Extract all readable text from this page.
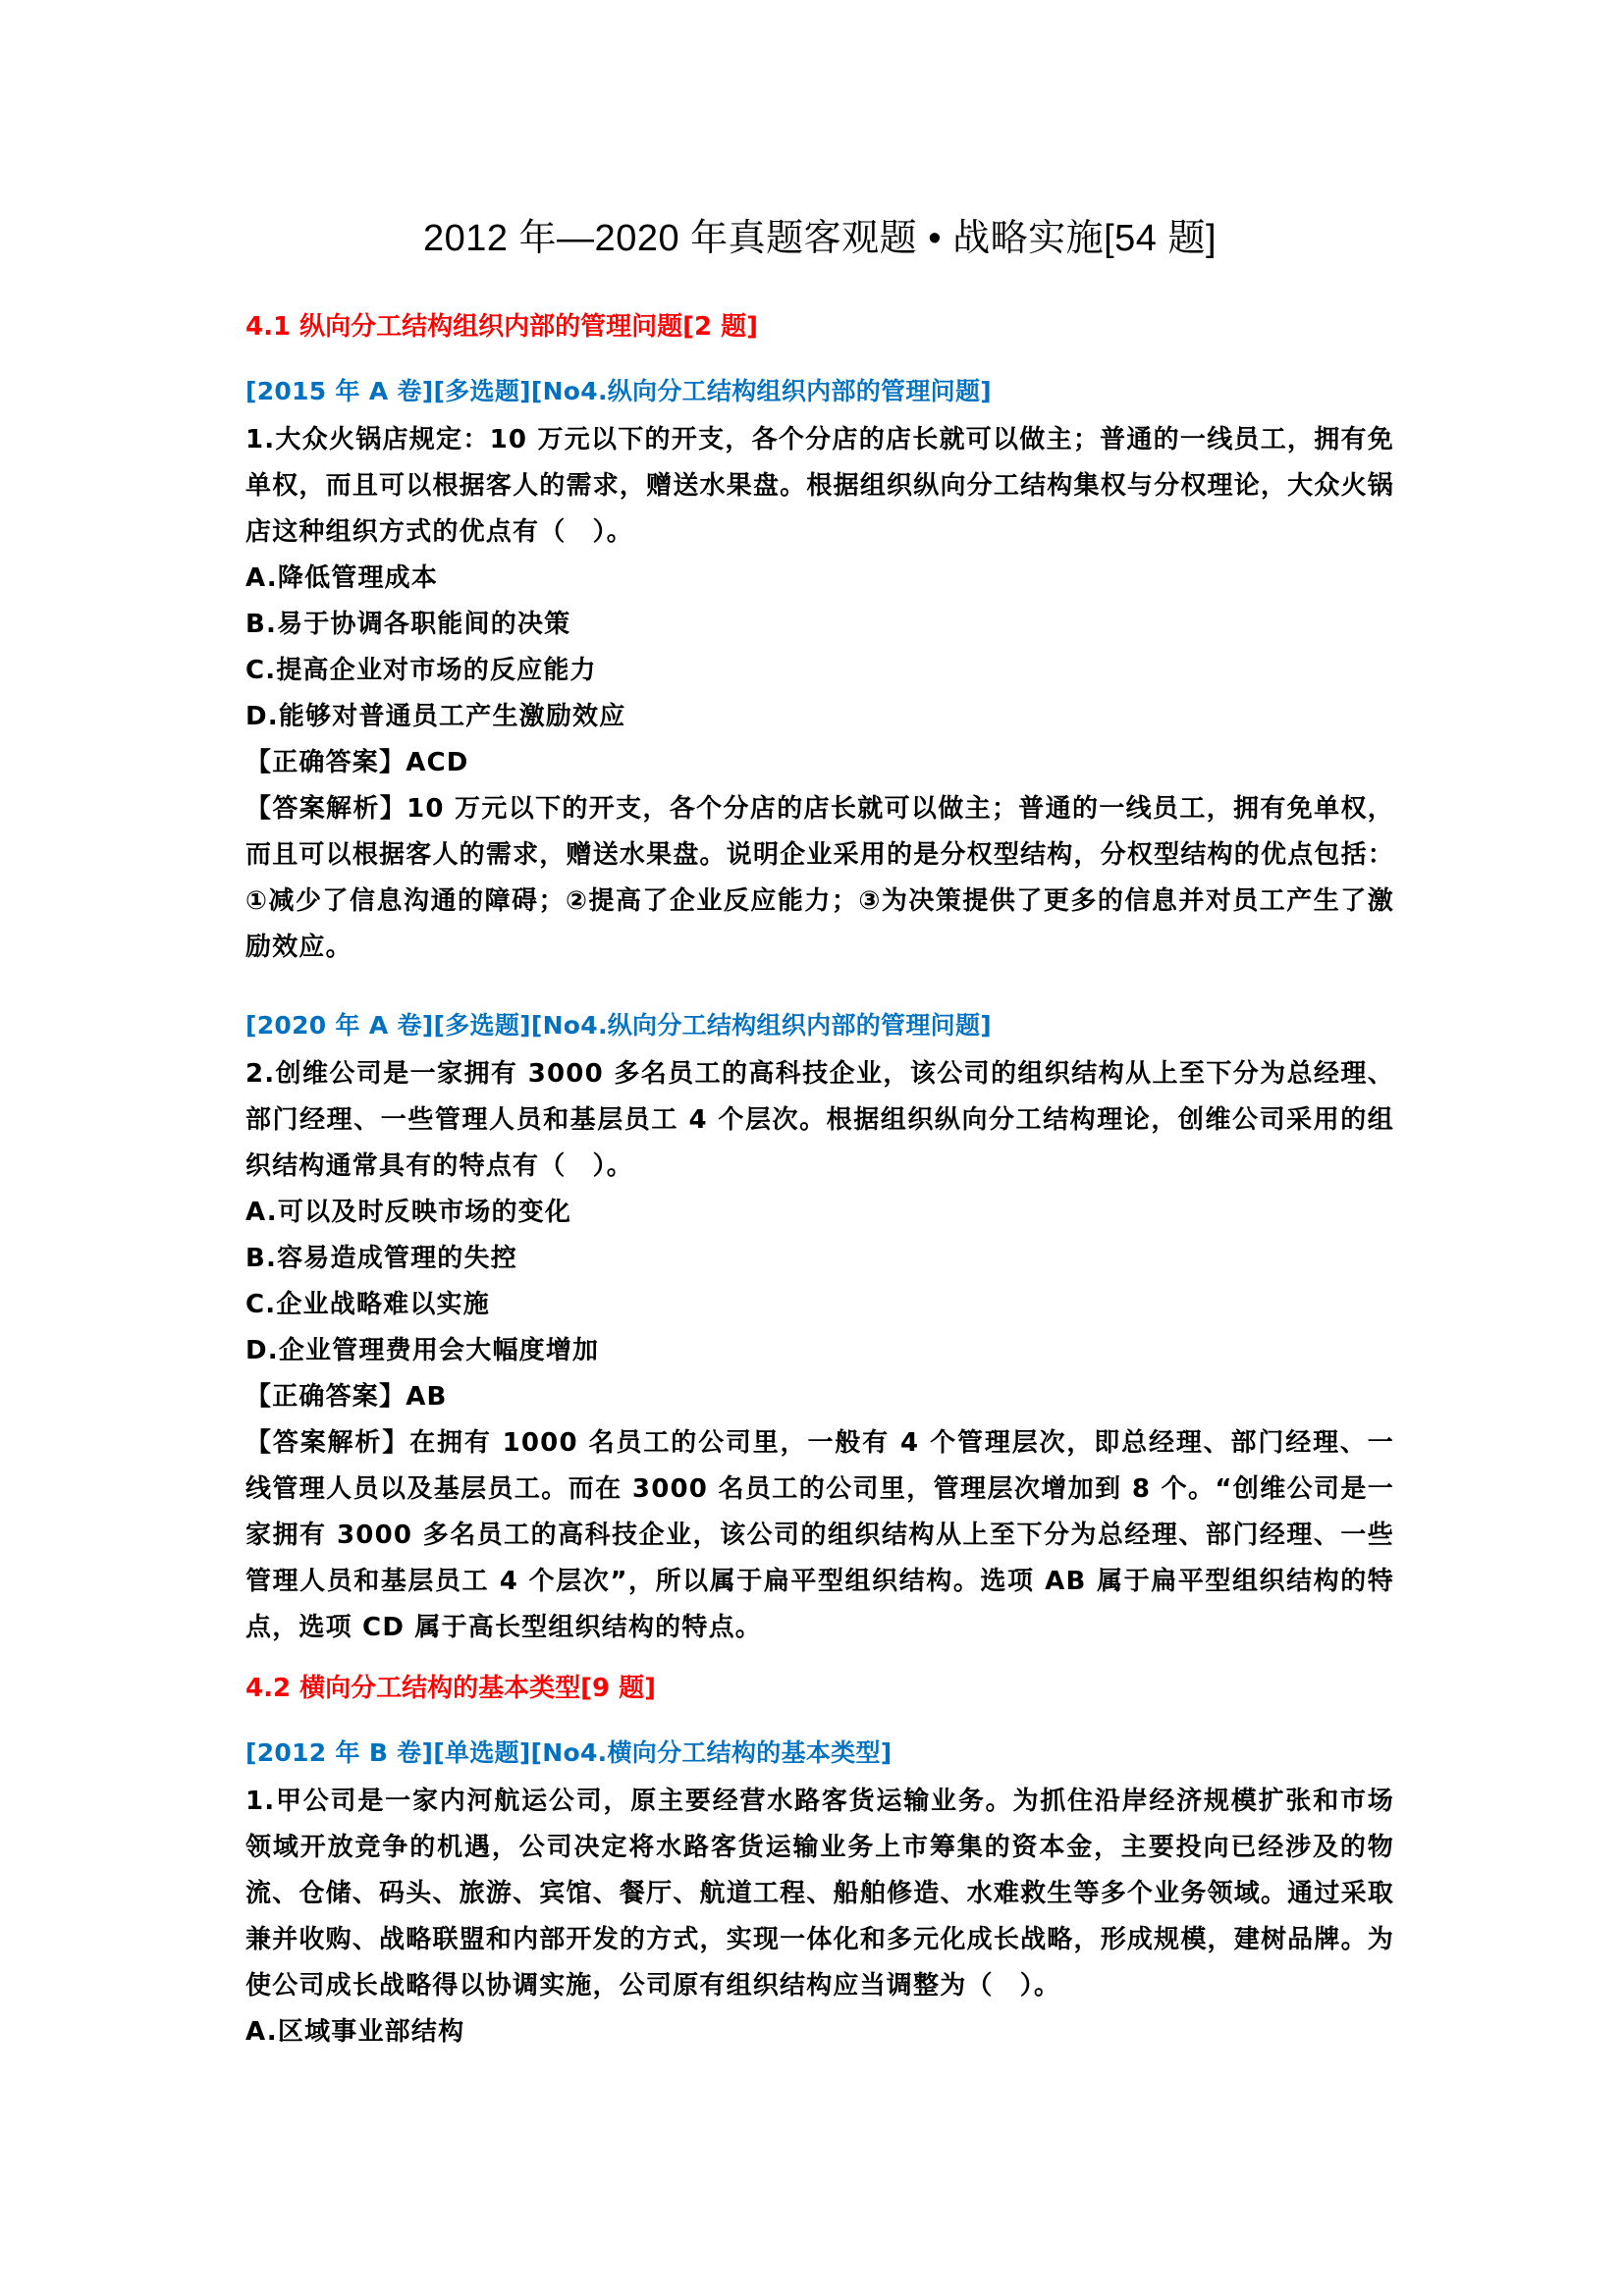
2012 年—2020 年真题客观题 • 战略实施[54 题]
4.1 纵向分工结构组织内部的管理问题[2 题]
[2015 年 A 卷][多选题][No4.纵向分工结构组织内部的管理问题]

1.大众火锅店规定：10 万元以下的开支，各个分店的店长就可以做主；普通的一线员工，拥有免单权，而且可以根据客人的需求，赠送水果盘。根据组织纵向分工结构集权与分权理论，大众火锅店这种组织方式的优点有（　）。

A.降低管理成本

B.易于协调各职能间的决策

C.提高企业对市场的反应能力

D.能够对普通员工产生激励效应

【正确答案】ACD

【答案解析】10 万元以下的开支，各个分店的店长就可以做主；普通的一线员工，拥有免单权，而且可以根据客人的需求，赠送水果盘。说明企业采用的是分权型结构，分权型结构的优点包括：①减少了信息沟通的障碍；②提高了企业反应能力；③为决策提供了更多的信息并对员工产生了激励效应。

[2020 年 A 卷][多选题][No4.纵向分工结构组织内部的管理问题]

2.创维公司是一家拥有 3000 多名员工的高科技企业，该公司的组织结构从上至下分为总经理、部门经理、一些管理人员和基层员工 4 个层次。根据组织纵向分工结构理论，创维公司采用的组织结构通常具有的特点有（　）。

A.可以及时反映市场的变化

B.容易造成管理的失控

C.企业战略难以实施

D.企业管理费用会大幅度增加

【正确答案】AB

【答案解析】在拥有 1000 名员工的公司里，一般有 4 个管理层次，即总经理、部门经理、一线管理人员以及基层员工。而在 3000 名员工的公司里，管理层次增加到 8 个。“创维公司是一家拥有 3000 多名员工的高科技企业，该公司的组织结构从上至下分为总经理、部门经理、一些管理人员和基层员工 4 个层次”，所以属于扁平型组织结构。选项 AB 属于扁平型组织结构的特点，选项 CD 属于高长型组织结构的特点。

4.2 横向分工结构的基本类型[9 题]
[2012 年 B 卷][单选题][No4.横向分工结构的基本类型]

1.甲公司是一家内河航运公司，原主要经营水路客货运输业务。为抓住沿岸经济规模扩张和市场领域开放竞争的机遇，公司决定将水路客货运输业务上市筹集的资本金，主要投向已经涉及的物流、仓储、码头、旅游、宾馆、餐厅、航道工程、船舶修造、水难救生等多个业务领域。通过采取兼并收购、战略联盟和内部开发的方式，实现一体化和多元化成长战略，形成规模，建树品牌。为使公司成长战略得以协调实施，公司原有组织结构应当调整为（　）。

A.区域事业部结构
